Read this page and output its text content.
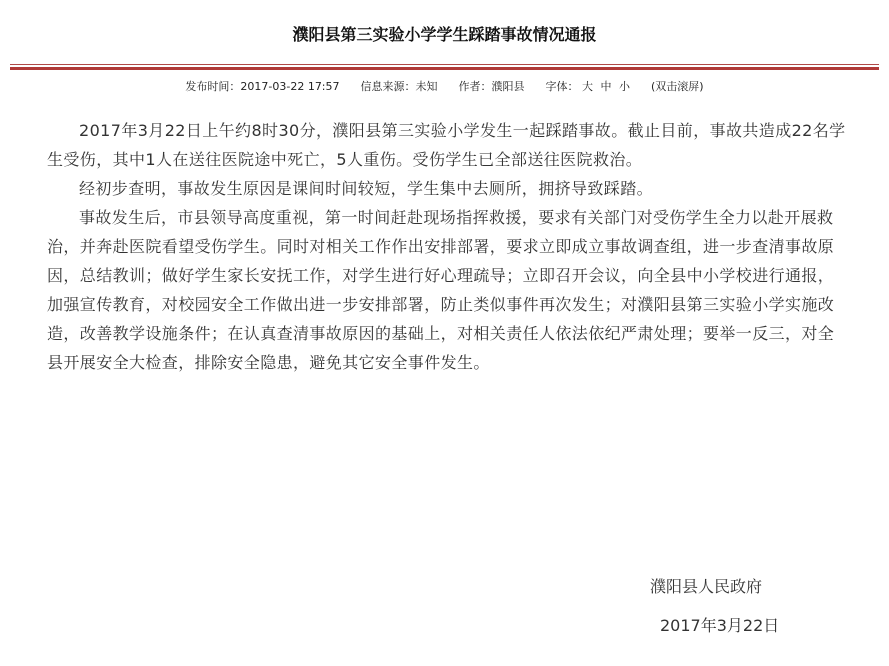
濮阳县第三实验小学学生踩踏事故情况通报
发布时间：2017-03-22 17:57 信息来源：未知 作者：濮阳县 字体： 大 中 小 (双击滚屏)

2017年3月22日上午约8时30分，濮阳县第三实验小学发生一起踩踏事故。截止目前，事故共造成22名学生受伤，其中1人在送往医院途中死亡，5人重伤。受伤学生已全部送往医院救治。

经初步查明，事故发生原因是课间时间较短，学生集中去厕所，拥挤导致踩踏。

事故发生后，市县领导高度重视，第一时间赶赴现场指挥救援，要求有关部门对受伤学生全力以赴开展救治，并奔赴医院看望受伤学生。同时对相关工作作出安排部署，要求立即成立事故调查组，进一步查清事故原因，总结教训；做好学生家长安抚工作，对学生进行好心理疏导；立即召开会议，向全县中小学校进行通报，加强宣传教育，对校园安全工作做出进一步安排部署，防止类似事件再次发生；对濮阳县第三实验小学实施改造，改善教学设施条件；在认真查清事故原因的基础上，对相关责任人依法依纪严肃处理；要举一反三，对全县开展安全大检查，排除安全隐患，避免其它安全事件发生。

濮阳县人民政府
2017年3月22日
